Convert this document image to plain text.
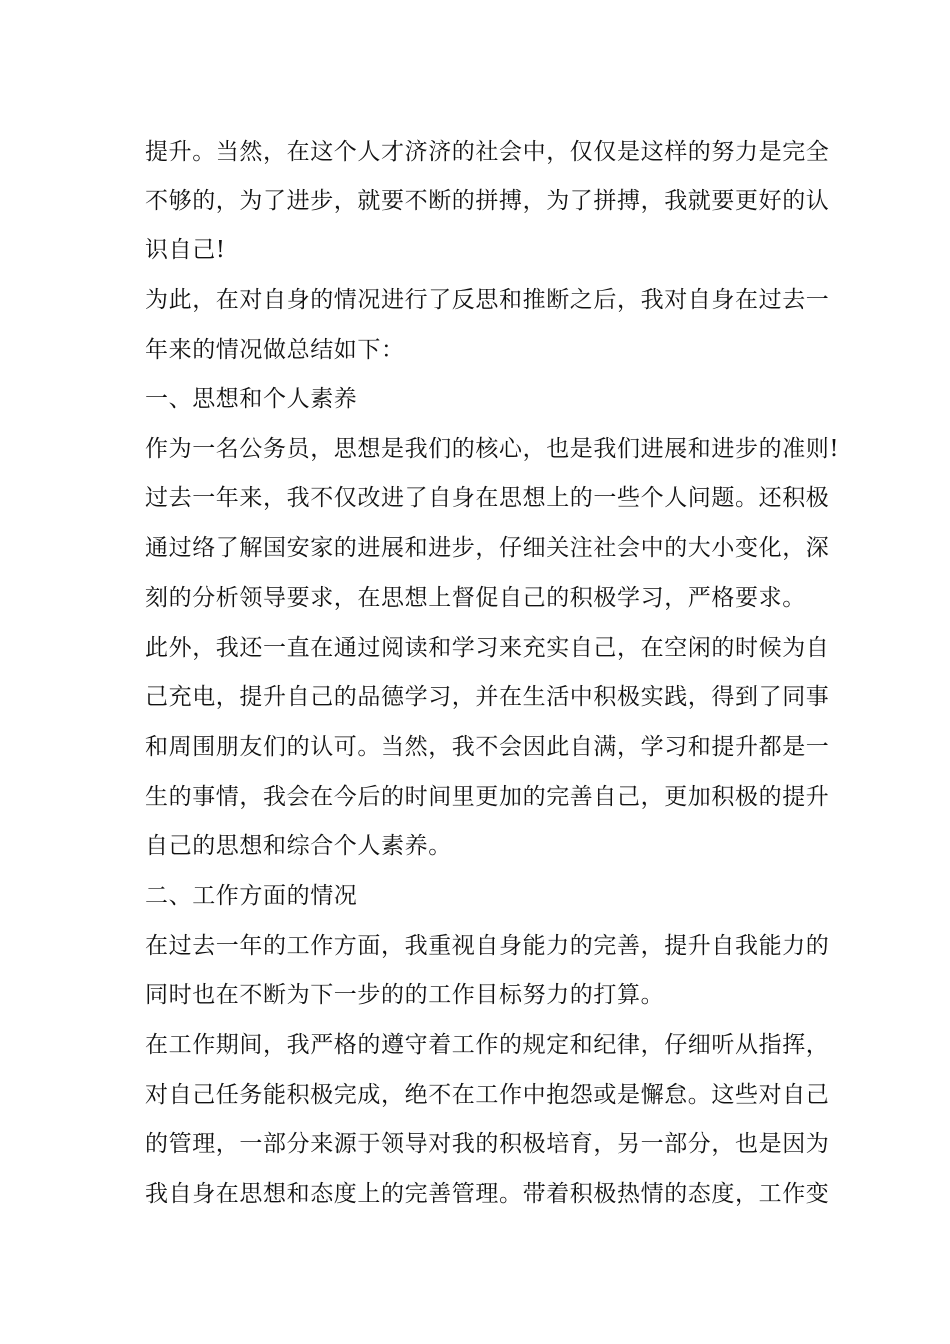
提升。当然，在这个人才济济的社会中，仅仅是这样的努力是完全

不够的，为了进步，就要不断的拼搏，为了拼搏，我就要更好的认

识自己!

为此，在对自身的情况进行了反思和推断之后，我对自身在过去一

年来的情况做总结如下：

一、思想和个人素养

作为一名公务员，思想是我们的核心，也是我们进展和进步的准则!

过去一年来，我不仅改进了自身在思想上的一些个人问题。还积极

通过络了解国安家的进展和进步，仔细关注社会中的大小变化，深

刻的分析领导要求，在思想上督促自己的积极学习，严格要求。

此外，我还一直在通过阅读和学习来充实自己，在空闲的时候为自

己充电，提升自己的品德学习，并在生活中积极实践，得到了同事

和周围朋友们的认可。当然，我不会因此自满，学习和提升都是一

生的事情，我会在今后的时间里更加的完善自己，更加积极的提升

自己的思想和综合个人素养。

二、工作方面的情况

在过去一年的工作方面，我重视自身能力的完善，提升自我能力的

同时也在不断为下一步的的工作目标努力的打算。

在工作期间，我严格的遵守着工作的规定和纪律，仔细听从指挥，

对自己任务能积极完成，绝不在工作中抱怨或是懈怠。这些对自己

的管理，一部分来源于领导对我的积极培育，另一部分，也是因为

我自身在思想和态度上的完善管理。带着积极热情的态度，工作变
